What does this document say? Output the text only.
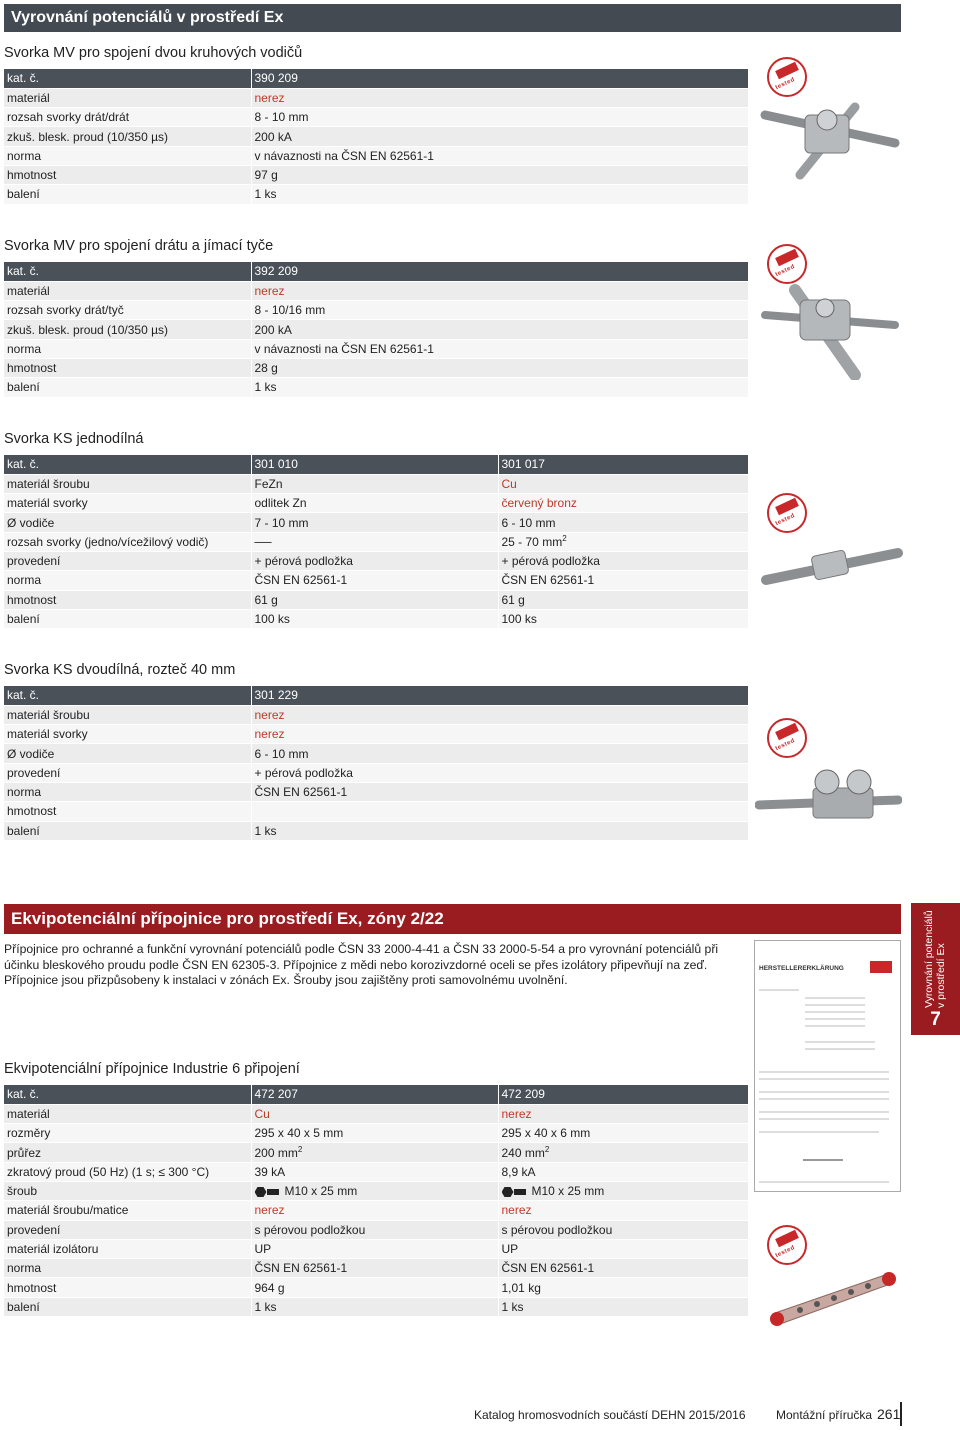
Vyrovnání potenciálů v prostředí Ex
Svorka MV pro spojení dvou kruhových vodičů
kat. č.	390 209
materiál	nerez
rozsah svorky drát/drát	8 - 10 mm
zkuš. blesk. proud (10/350 µs)	200 kA
norma	v návaznosti na ČSN EN 62561-1
hmotnost	97 g
balení	1 ks
tested
Svorka MV pro spojení drátu a jímací tyče
kat. č.	392 209
materiál	nerez
rozsah svorky drát/tyč	8 - 10/16 mm
zkuš. blesk. proud (10/350 µs)	200 kA
norma	v návaznosti na ČSN EN 62561-1
hmotnost	28 g
balení	1 ks
tested
Svorka KS jednodílná
kat. č.	301 010	301 017
materiál šroubu	FeZn	Cu
materiál svorky	odlitek Zn	červený bronz
Ø vodiče	7 - 10 mm	6 - 10 mm
rozsah svorky (jedno/vícežilový vodič)	──	25 - 70 $mm^2$
provedení	+ pérová podložka	+ pérová podložka
norma	ČSN EN 62561-1	ČSN EN 62561-1
hmotnost	61 g	61 g
balení	100 ks	100 ks
tested
Svorka KS dvoudílná, rozteč 40 mm
kat. č.	301 229
materiál šroubu	nerez
materiál svorky	nerez
Ø vodiče	6 - 10 mm
provedení	+ pérová podložka
norma	ČSN EN 62561-1
hmotnost	
balení	1 ks
tested
Ekvipotenciální přípojnice pro prostředí Ex, zóny 2/22
Přípojnice pro ochranné a funkční vyrovnání potenciálů podle ČSN 33 2000-4-41 a ČSN 33 2000-5-54 a pro vyrovnání potenciálů při účinku bleskového proudu podle ČSN EN 62305-3. Přípojnice z mědi nebo korozivzdorné oceli se přes izolátory připevňují na zeď. Přípojnice jsou přizpůsobeny k instalaci v zónách Ex. Šrouby jsou zajištěny proti samovolnému uvolnění.	Vyrovnání potenciálů v prostředí Ex
7
HERSTELLERERKLÄRUNG
Ekvipotenciální přípojnice Industrie 6 připojení
kat. č.	472 207	472 209
materiál	Cu	nerez
rozměry	295 x 40 x 5 mm	295 x 40 x 6 mm
průřez	200 $mm^2$	240 $mm^2$
zkratový proud (50 Hz) (1 s; ≤ 300 °C)	39 kA	8,9 kA
šroub	M10 x 25 mm	M10 x 25 mm
materiál šroubu/matice	nerez	nerez
provedení	s pérovou podložkou	s pérovou podložkou
materiál izolátoru	UP	UP
norma	ČSN EN 62561-1	ČSN EN 62561-1
hmotnost	964 g	1,01 kg
balení	1 ks	1 ks
tested
Katalog hromosvodních součástí DEHN 2015/2016	Montážní příručka 261
